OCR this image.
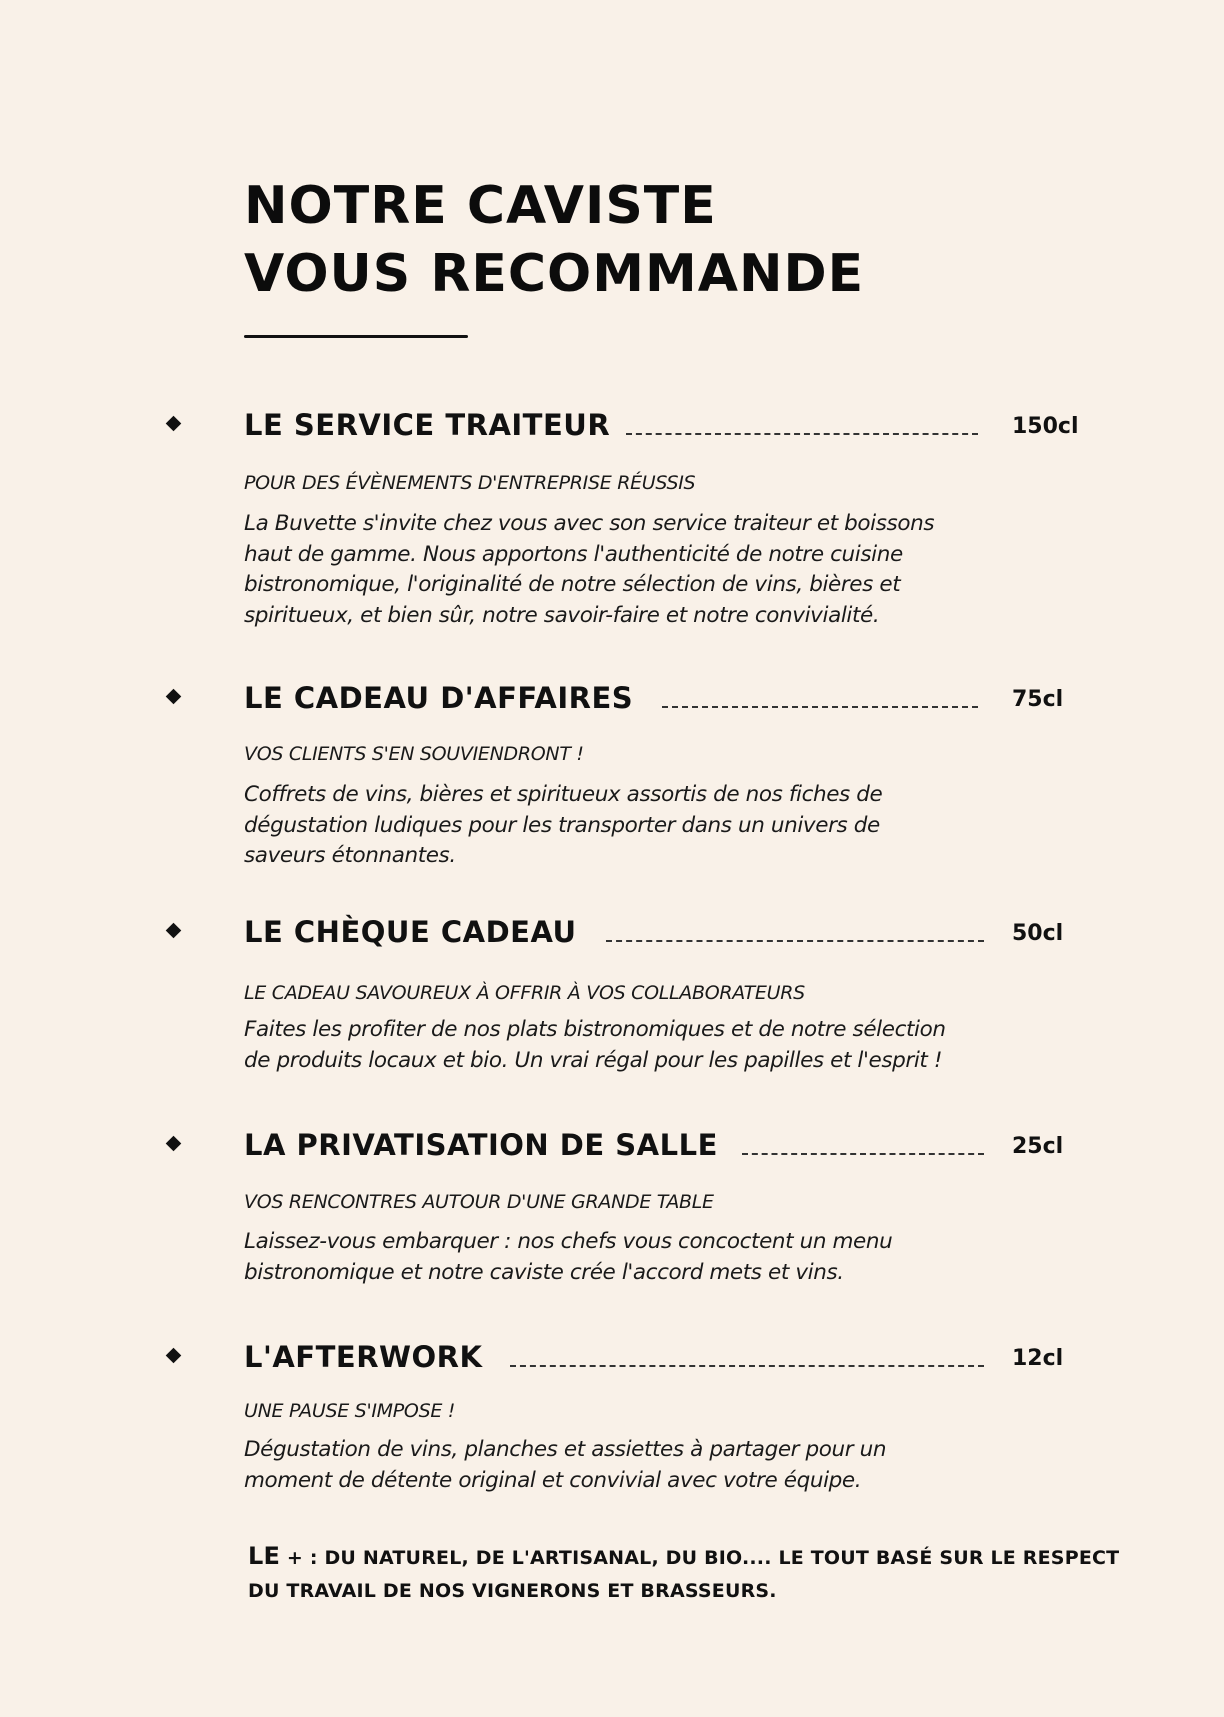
NOTRE CAVISTE
VOUS RECOMMANDE
LE SERVICE TRAITEUR	150cl
POUR DES ÉVÈNEMENTS D'ENTREPRISE RÉUSSIS
La Buvette s'invite chez vous avec son service traiteur et boissons
haut de gamme. Nous apportons l'authenticité de notre cuisine
bistronomique, l'originalité de notre sélection de vins, bières et
spiritueux, et bien sûr, notre savoir-faire et notre convivialité.
LE CADEAU D'AFFAIRES	75cl
VOS CLIENTS S'EN SOUVIENDRONT !
Coffrets de vins, bières et spiritueux assortis de nos fiches de
dégustation ludiques pour les transporter dans un univers de
saveurs étonnantes.
LE CHÈQUE CADEAU	50cl
LE CADEAU SAVOUREUX À OFFRIR À VOS COLLABORATEURS
Faites les profiter de nos plats bistronomiques et de notre sélection
de produits locaux et bio. Un vrai régal pour les papilles et l'esprit !
LA PRIVATISATION DE SALLE	25cl
VOS RENCONTRES AUTOUR D'UNE GRANDE TABLE
Laissez-vous embarquer : nos chefs vous concoctent un menu
bistronomique et notre caviste crée l'accord mets et vins.
L'AFTERWORK	12cl
UNE PAUSE S'IMPOSE !
Dégustation de vins, planches et assiettes à partager pour un
moment de détente original et convivial avec votre équipe.
LE + : DU NATUREL, DE L'ARTISANAL, DU BIO.... LE TOUT BASÉ SUR LE RESPECT
DU TRAVAIL DE NOS VIGNERONS ET BRASSEURS.
